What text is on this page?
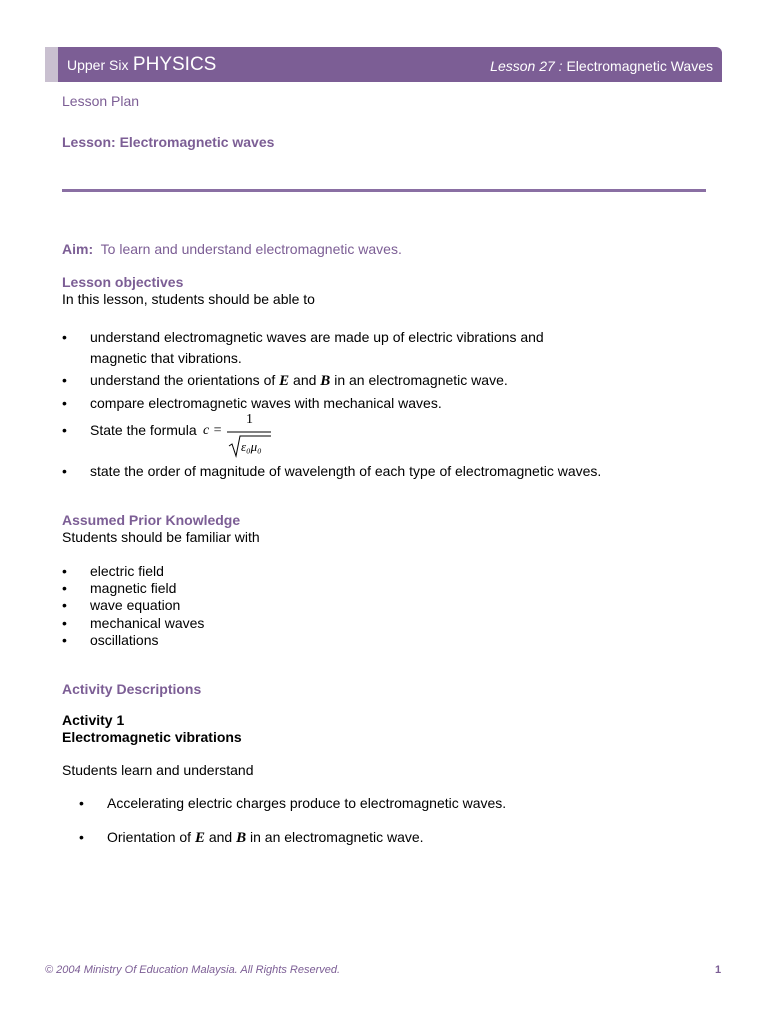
Upper Six PHYSICS	Lesson 27 : Electromagnetic Waves
Lesson Plan
Lesson: Electromagnetic waves
Aim: To learn and understand electromagnetic waves.
Lesson objectives
In this lesson, students should be able to
• understand electromagnetic waves are made up of electric vibrations and
magnetic that vibrations.
• understand the orientations of E and B in an electromagnetic wave.
• compare electromagnetic waves with mechanical waves.
• State the formula
• state the order of magnitude of wavelength of each type of electromagnetic waves.
c =
1
ε₀μ₀
Assumed Prior Knowledge
Students should be familiar with
• electric field
• magnetic field
• wave equation
• mechanical waves
• oscillations
Activity Descriptions
Activity 1
Electromagnetic vibrations
Students learn and understand
• Accelerating electric charges produce to electromagnetic waves.
• Orientation of E and B in an electromagnetic wave.
© 2004 Ministry Of Education Malaysia. All Rights Reserved.	1
